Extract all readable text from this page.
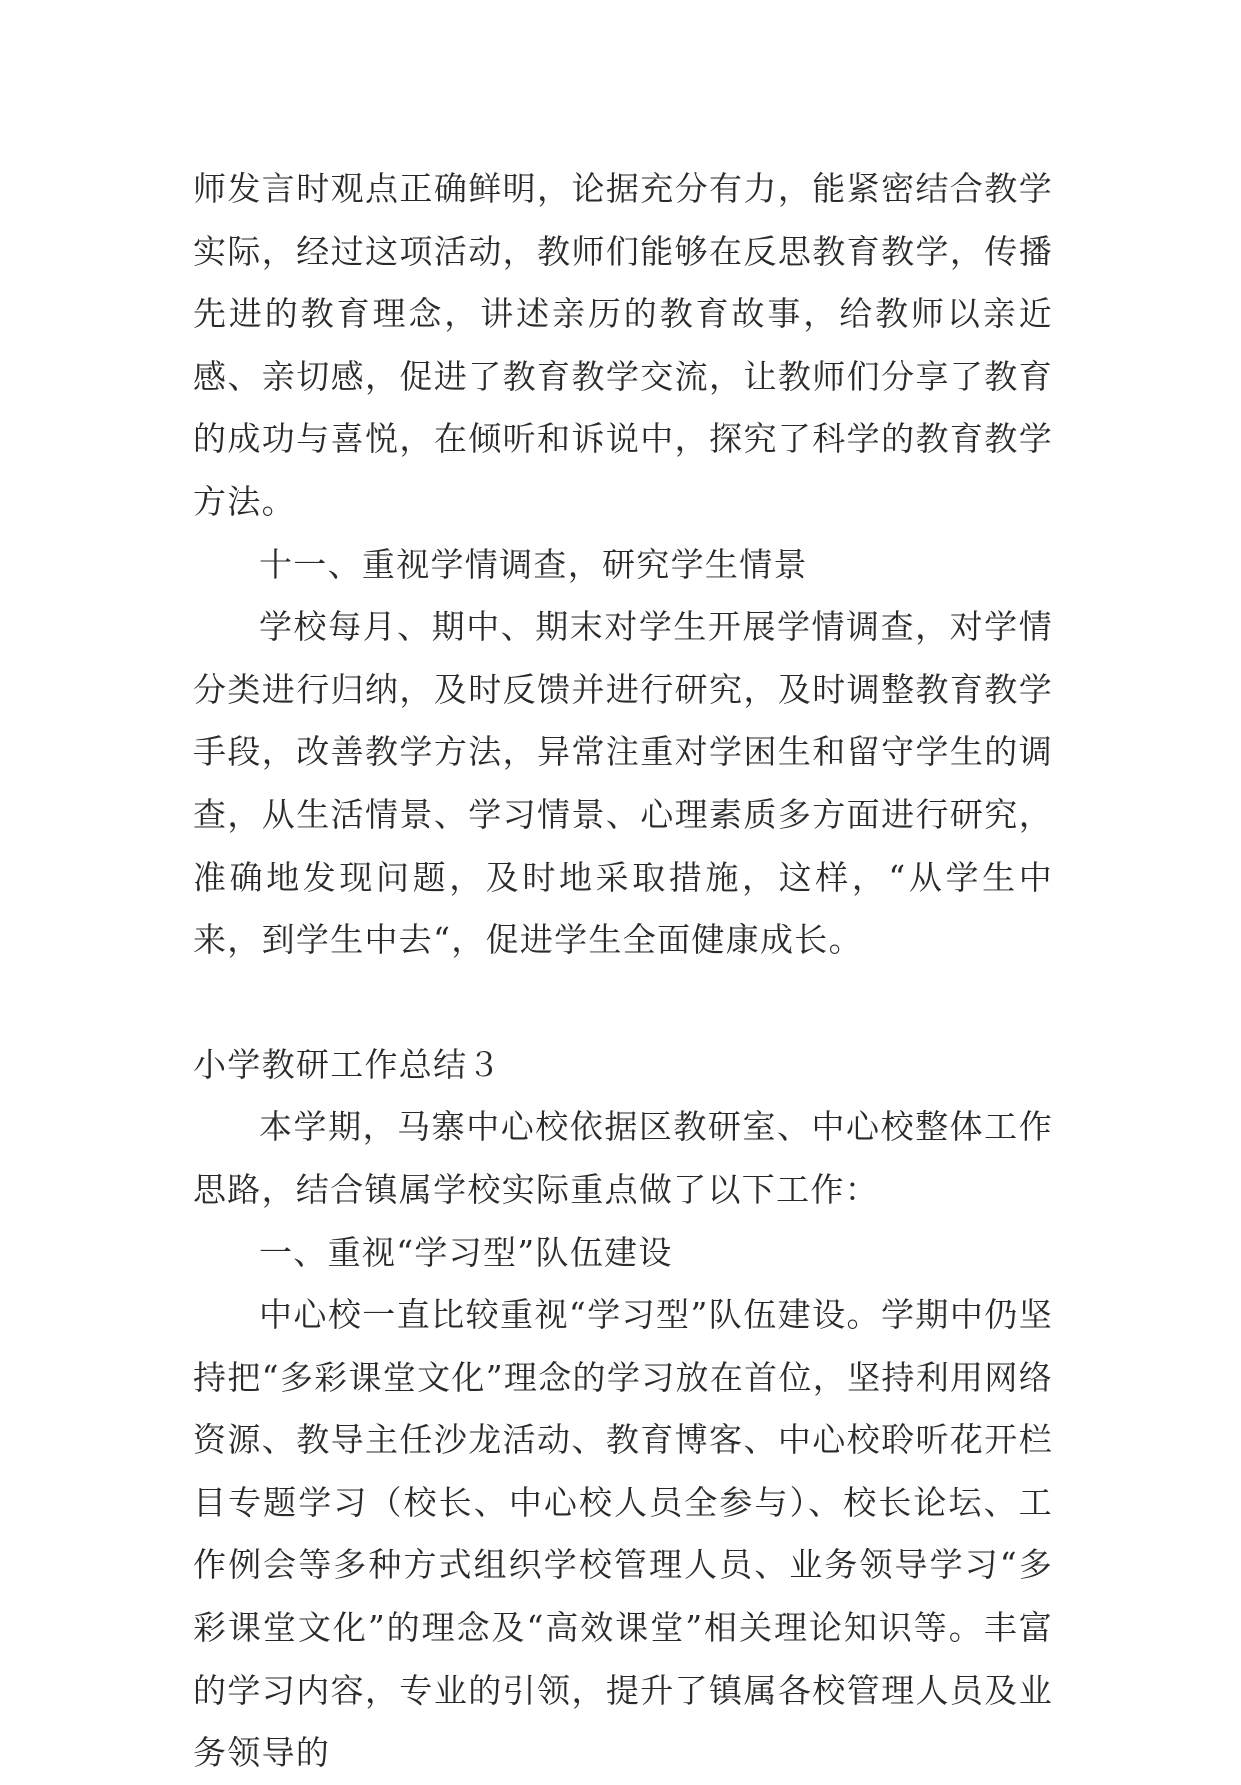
师发言时观点正确鲜明，论据充分有力，能紧密结合教学实际，经过这项活动，教师们能够在反思教育教学，传播先进的教育理念，讲述亲历的教育故事，给教师以亲近感、亲切感，促进了教育教学交流，让教师们分享了教育的成功与喜悦，在倾听和诉说中，探究了科学的教育教学方法。

十一、重视学情调查，研究学生情景

学校每月、期中、期末对学生开展学情调查，对学情分类进行归纳，及时反馈并进行研究，及时调整教育教学手段，改善教学方法，异常注重对学困生和留守学生的调查，从生活情景、学习情景、心理素质多方面进行研究，准确地发现问题，及时地采取措施，这样，“从学生中来，到学生中去“，促进学生全面健康成长。

小学教研工作总结３

本学期，马寨中心校依据区教研室、中心校整体工作思路，结合镇属学校实际重点做了以下工作：

一、重视“学习型”队伍建设

中心校一直比较重视“学习型”队伍建设。学期中仍坚持把“多彩课堂文化”理念的学习放在首位，坚持利用网络资源、教导主任沙龙活动、教育博客、中心校聆听花开栏目专题学习（校长、中心校人员全参与）、校长论坛、工作例会等多种方式组织学校管理人员、业务领导学习“多彩课堂文化”的理念及“高效课堂”相关理论知识等。丰富的学习内容，专业的引领，提升了镇属各校管理人员及业务领导的
